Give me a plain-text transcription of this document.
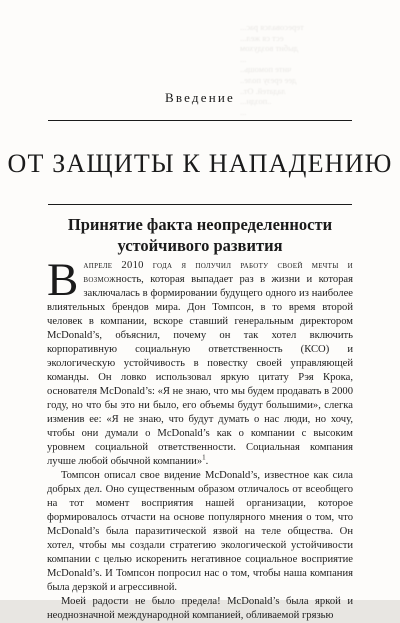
тересовался рас...
ест ся жел...
дыбит воздухом
...
чите помощь..
дее ерезу поле..
ладатей. От..
..поздн...
...
Введение
ОТ ЗАЩИТЫ К НАПАДЕНИЮ
Принятие факта неопределенности
устойчивого развития

Вапреле 2010 года я получил работу своей мечты и возможность, которая выпадает раз в жизни и которая заключалась в формировании будущего одного из наиболее влиятельных брендов мира. Дон Томпсон, в то время второй человек в компании, вскоре ставший генеральным директором McDonald’s, объяснил, почему он так хотел включить корпоративную социальную ответственность (КСО) и экологическую устойчивость в повестку своей управляющей команды. Он ловко использовал яркую цитату Рэя Крока, основателя McDonald’s: «Я не знаю, что мы будем продавать в 2000 году, но что бы это ни было, его объемы будут большими», слегка изменив ее: «Я не знаю, что будут думать о нас люди, но хочу, чтобы они думали о McDonald’s как о компании с высоким уровнем социальной ответственности. Социальная компания лучше любой обычной компании»$^1$.

Томпсон описал свое видение McDonald’s, известное как сила добрых дел. Оно существенным образом отличалось от всеобщего на тот момент восприятия нашей организации, которое формировалось отчасти на основе популярного мнения о том, что McDonald’s была паразитической язвой на теле общества. Он хотел, чтобы мы создали стратегию экологической устойчивости компании с целью искоренить негативное социальное восприятие McDonald’s. И Томпсон попросил нас о том, чтобы наша компания была дерзкой и агрессивной.

Моей радости не было предела! McDonald’s была яркой и неоднозначной международной компанией, обливаемой грязью
